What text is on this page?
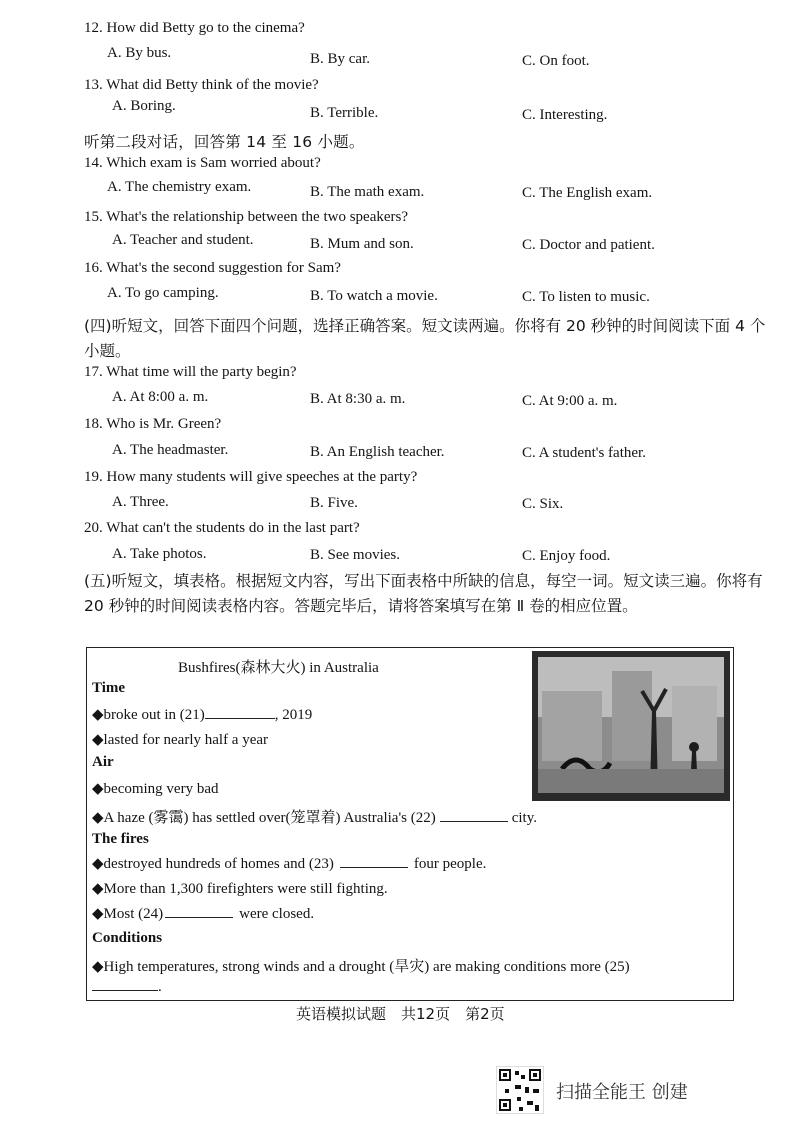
12. How did Betty go to the cinema?
A. By bus.	B. By car.	C. On foot.
13. What did Betty think of the movie?
A. Boring.	B. Terrible.	C. Interesting.
听第二段对话，回答第 14 至 16 小题。
14. Which exam is Sam worried about?
A. The chemistry exam.	B. The math exam.	C. The English exam.
15. What's the relationship between the two speakers?
A. Teacher and student.	B. Mum and son.	C. Doctor and patient.
16. What's the second suggestion for Sam?
A. To go camping.	B. To watch a movie.	C. To listen to music.
(四)听短文，回答下面四个问题，选择正确答案。短文读两遍。你将有 20 秒钟的时间阅读下面 4 个小题。
17. What time will the party begin?
A. At 8:00 a. m.	B. At 8:30 a. m.	C. At 9:00 a. m.
18. Who is Mr. Green?
A. The headmaster.	B. An English teacher.	C. A student's father.
19. How many students will give speeches at the party?
A. Three.	B. Five.	C. Six.
20. What can't the students do in the last part?
A. Take photos.	B. See movies.	C. Enjoy food.
(五)听短文，填表格。根据短文内容，写出下面表格中所缺的信息，每空一词。短文读三遍。你将有 20 秒钟的时间阅读表格内容。答题完毕后，请将答案填写在第 Ⅱ 卷的相应位置。
Bushfires(森林大火) in Australia
Time
◆broke out in (21)	, 2019
◆lasted for nearly half a year
Air
◆becoming very bad
◆A haze (雾霭) has settled over(笼罩着) Australia's (22)	city.
The fires
◆destroyed hundreds of homes and (23)	four people.
◆More than 1,300 firefighters were still fighting.
◆Most (24)	were closed.
Conditions
◆High temperatures, strong winds and a drought (旱灾) are making conditions more (25)
.
英语模拟试题　共12页　第2页
扫描全能王 创建
